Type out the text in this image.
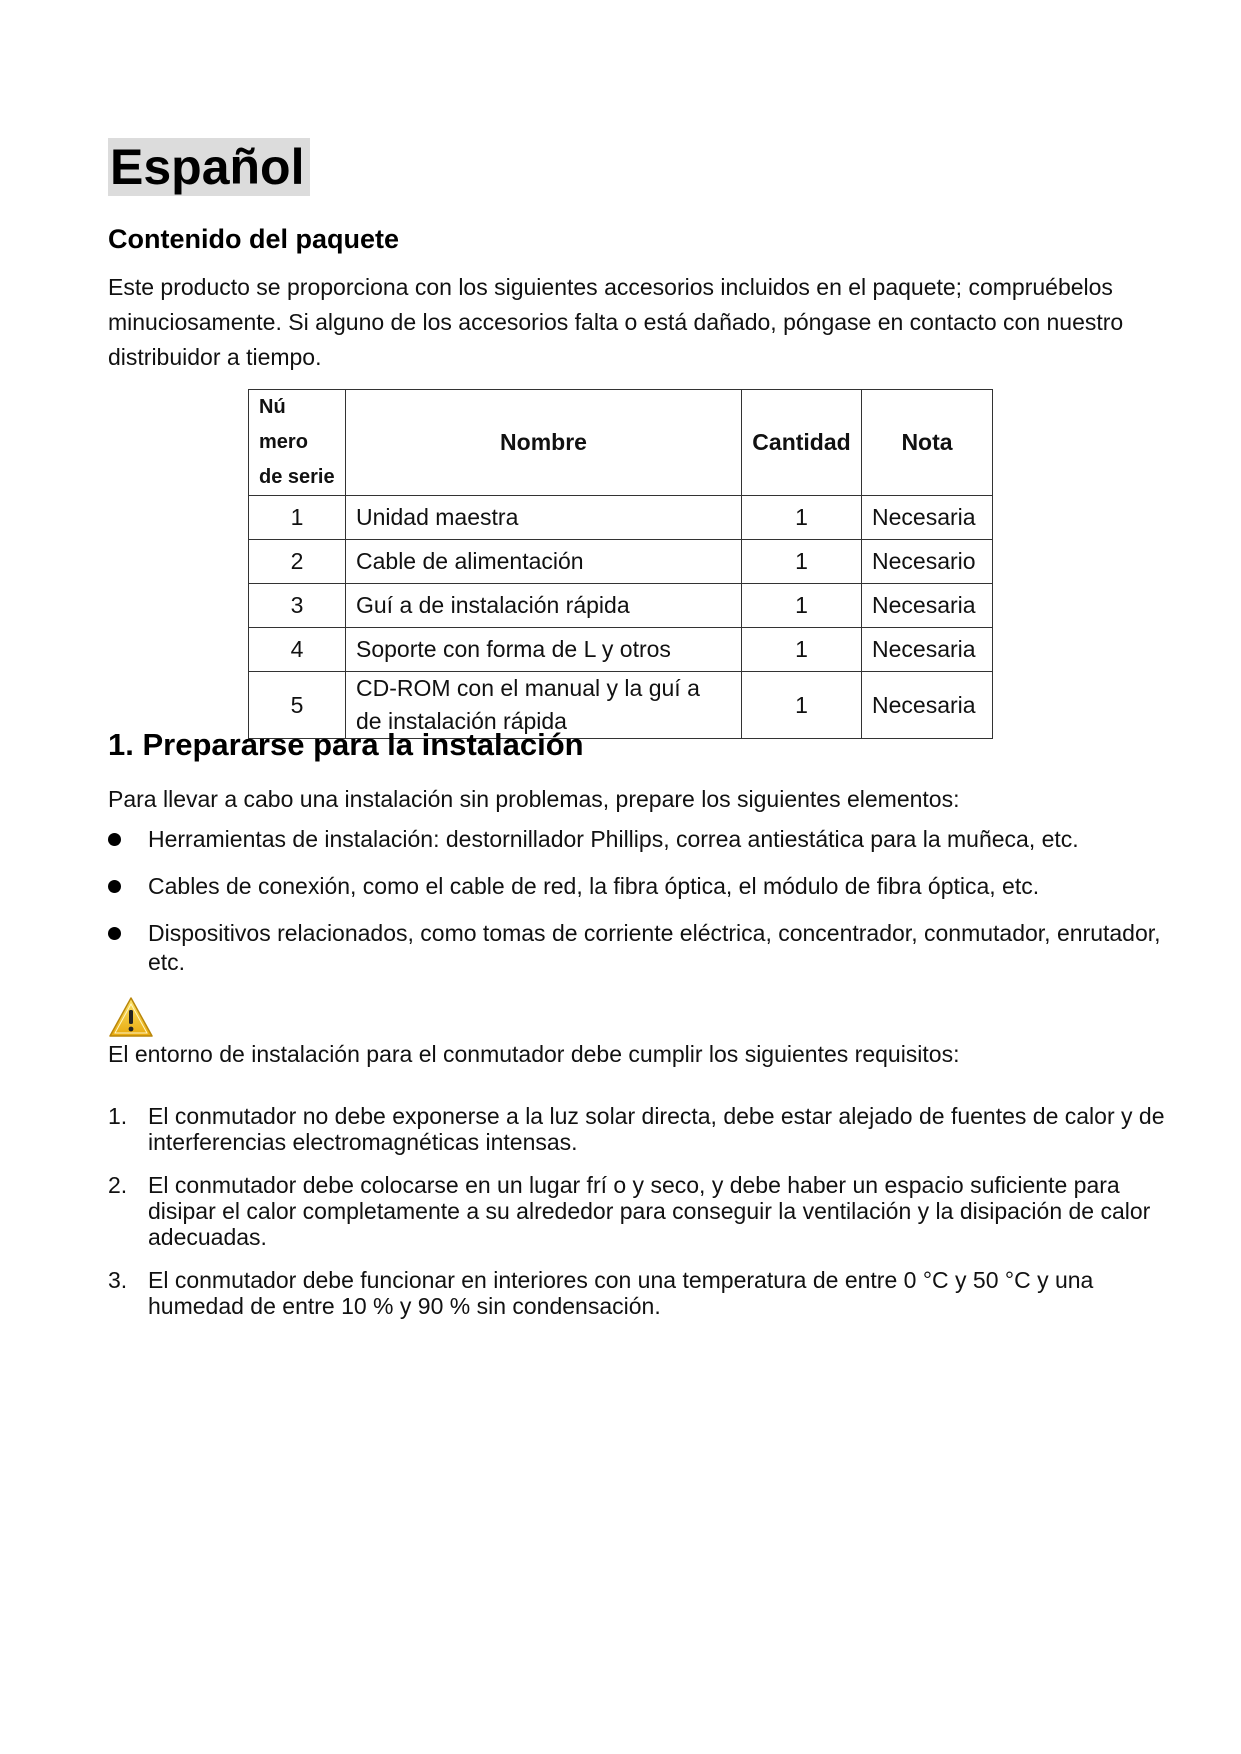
Español
Contenido del paquete
Este producto se proporciona con los siguientes accesorios incluidos en el paquete; compruébelos minuciosamente. Si alguno de los accesorios falta o está dañado, póngase en contacto con nuestro distribuidor a tiempo.
Nú mero
de serie	Nombre	Cantidad	Nota
1	Unidad maestra	1	Necesaria
2	Cable de alimentación	1	Necesario
3	Guí a de instalación rápida	1	Necesaria
4	Soporte con forma de L y otros	1	Necesaria
5	CD-ROM con el manual y la guí a de instalación rápida	1	Necesaria
1. Prepararse para la instalación
Para llevar a cabo una instalación sin problemas, prepare los siguientes elementos:
Herramientas de instalación: destornillador Phillips, correa antiestática para la muñeca, etc.
Cables de conexión, como el cable de red, la fibra óptica, el módulo de fibra óptica, etc.
Dispositivos relacionados, como tomas de corriente eléctrica, concentrador, conmutador, enrutador, etc.
El entorno de instalación para el conmutador debe cumplir los siguientes requisitos:
1. El conmutador no debe exponerse a la luz solar directa, debe estar alejado de fuentes de calor y de interferencias electromagnéticas intensas.
2. El conmutador debe colocarse en un lugar frí o y seco, y debe haber un espacio suficiente para disipar el calor completamente a su alrededor para conseguir la ventilación y la disipación de calor adecuadas.
3. El conmutador debe funcionar en interiores con una temperatura de entre 0 °C y 50 °C y una humedad de entre 10 % y 90 % sin condensación.
